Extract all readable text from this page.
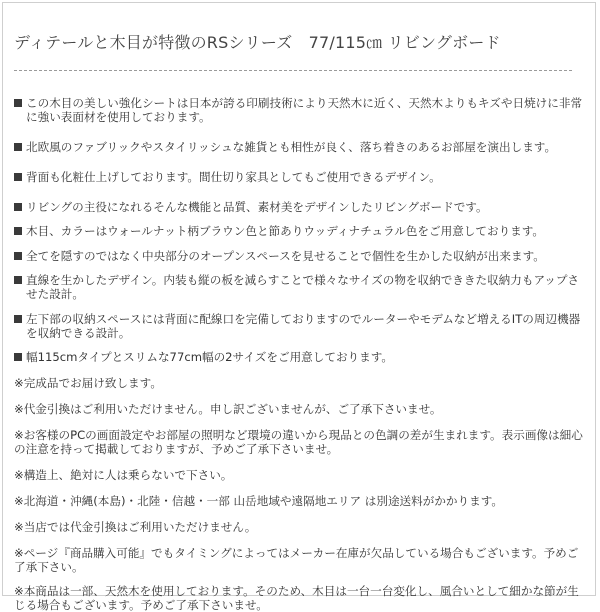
ディテールと木目が特徴のRSシリーズ　77/115㎝ リビングボード
この木目の美しい強化シートは日本が誇る印刷技術により天然木に近く、天然木よりもキズや日焼けに非常に強い表面材を使用しております。
北欧風のファブリックやスタイリッシュな雑貨とも相性が良く、落ち着きのあるお部屋を演出します。
背面も化粧仕上げしております。間仕切り家具としてもご使用できるデザイン。
リビングの主役になれるそんな機能と品質、素材美をデザインしたリビングボードです。
木目、カラーはウォールナット柄ブラウン色と節ありウッディナチュラル色をご用意しております。
全てを隠すのではなく中央部分のオープンスペースを見せることで個性を生かした収納が出来ます。
直線を生かしたデザイン。内装も縦の板を減らすことで様々なサイズの物を収納でききた収納力もアップさせた設計。
左下部の収納スペースには背面に配線口を完備しておりますのでルーターやモデムなど増えるITの周辺機器を収納できる設計。
幅115cmタイプとスリムな77cm幅の2サイズをご用意しております。
※完成品でお届け致します。
※代金引換はご利用いただけません。申し訳ございませんが、ご了承下さいませ。
※お客様のPCの画面設定やお部屋の照明など環境の違いから現品との色調の差が生まれます。表示画像は細心の注意を持って掲載しておりますが、予めご了承下さいませ。
※構造上、絶対に人は乗らないで下さい。
※北海道・沖縄(本島)・北陸・信越・一部 山岳地域や遠隔地エリア は別途送料がかかります。
※当店では代金引換はご利用いただけません。
※ページ『商品購入可能』でもタイミングによってはメーカー在庫が欠品している場合もございます。予めご了承下さい。
※本商品は一部、天然木を使用しております。そのため、木目は一台一台変化し、風合いとして細かな節が生じる場合もございます。予めご了承下さいませ。
